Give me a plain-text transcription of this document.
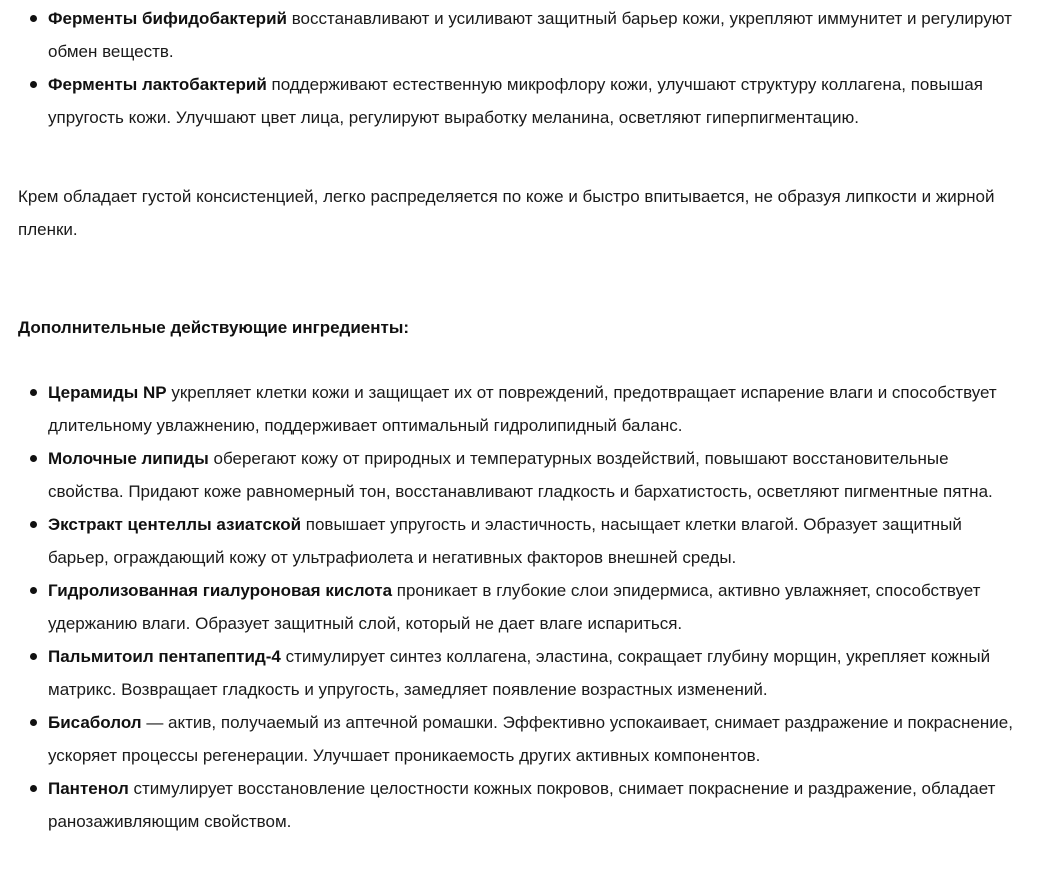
Ферменты бифидобактерий восстанавливают и усиливают защитный барьер кожи, укрепляют иммунитет и регулируют обмен веществ.
Ферменты лактобактерий поддерживают естественную микрофлору кожи, улучшают структуру коллагена, повышая упругость кожи. Улучшают цвет лица, регулируют выработку меланина, осветляют гиперпигментацию.

Крем обладает густой консистенцией, легко распределяется по коже и быстро впитывается, не образуя липкости и жирной пленки.

Дополнительные действующие ингредиенты:

Церамиды NP укрепляет клетки кожи и защищает их от повреждений, предотвращает испарение влаги и способствует длительному увлажнению, поддерживает оптимальный гидролипидный баланс.
Молочные липиды оберегают кожу от природных и температурных воздействий, повышают восстановительные свойства. Придают коже равномерный тон, восстанавливают гладкость и бархатистость, осветляют пигментные пятна.
Экстракт центеллы азиатской повышает упругость и эластичность, насыщает клетки влагой. Образует защитный барьер, ограждающий кожу от ультрафиолета и негативных факторов внешней среды.
Гидролизованная гиалуроновая кислота проникает в глубокие слои эпидермиса, активно увлажняет, способствует удержанию влаги. Образует защитный слой, который не дает влаге испариться.
Пальмитоил пентапептид-4 стимулирует синтез коллагена, эластина, сокращает глубину морщин, укрепляет кожный матрикс. Возвращает гладкость и упругость, замедляет появление возрастных изменений.
Бисаболол — актив, получаемый из аптечной ромашки. Эффективно успокаивает, снимает раздражение и покраснение, ускоряет процессы регенерации. Улучшает проникаемость других активных компонентов.
Пантенол стимулирует восстановление целостности кожных покровов, снимает покраснение и раздражение, обладает ранозаживляющим свойством.
